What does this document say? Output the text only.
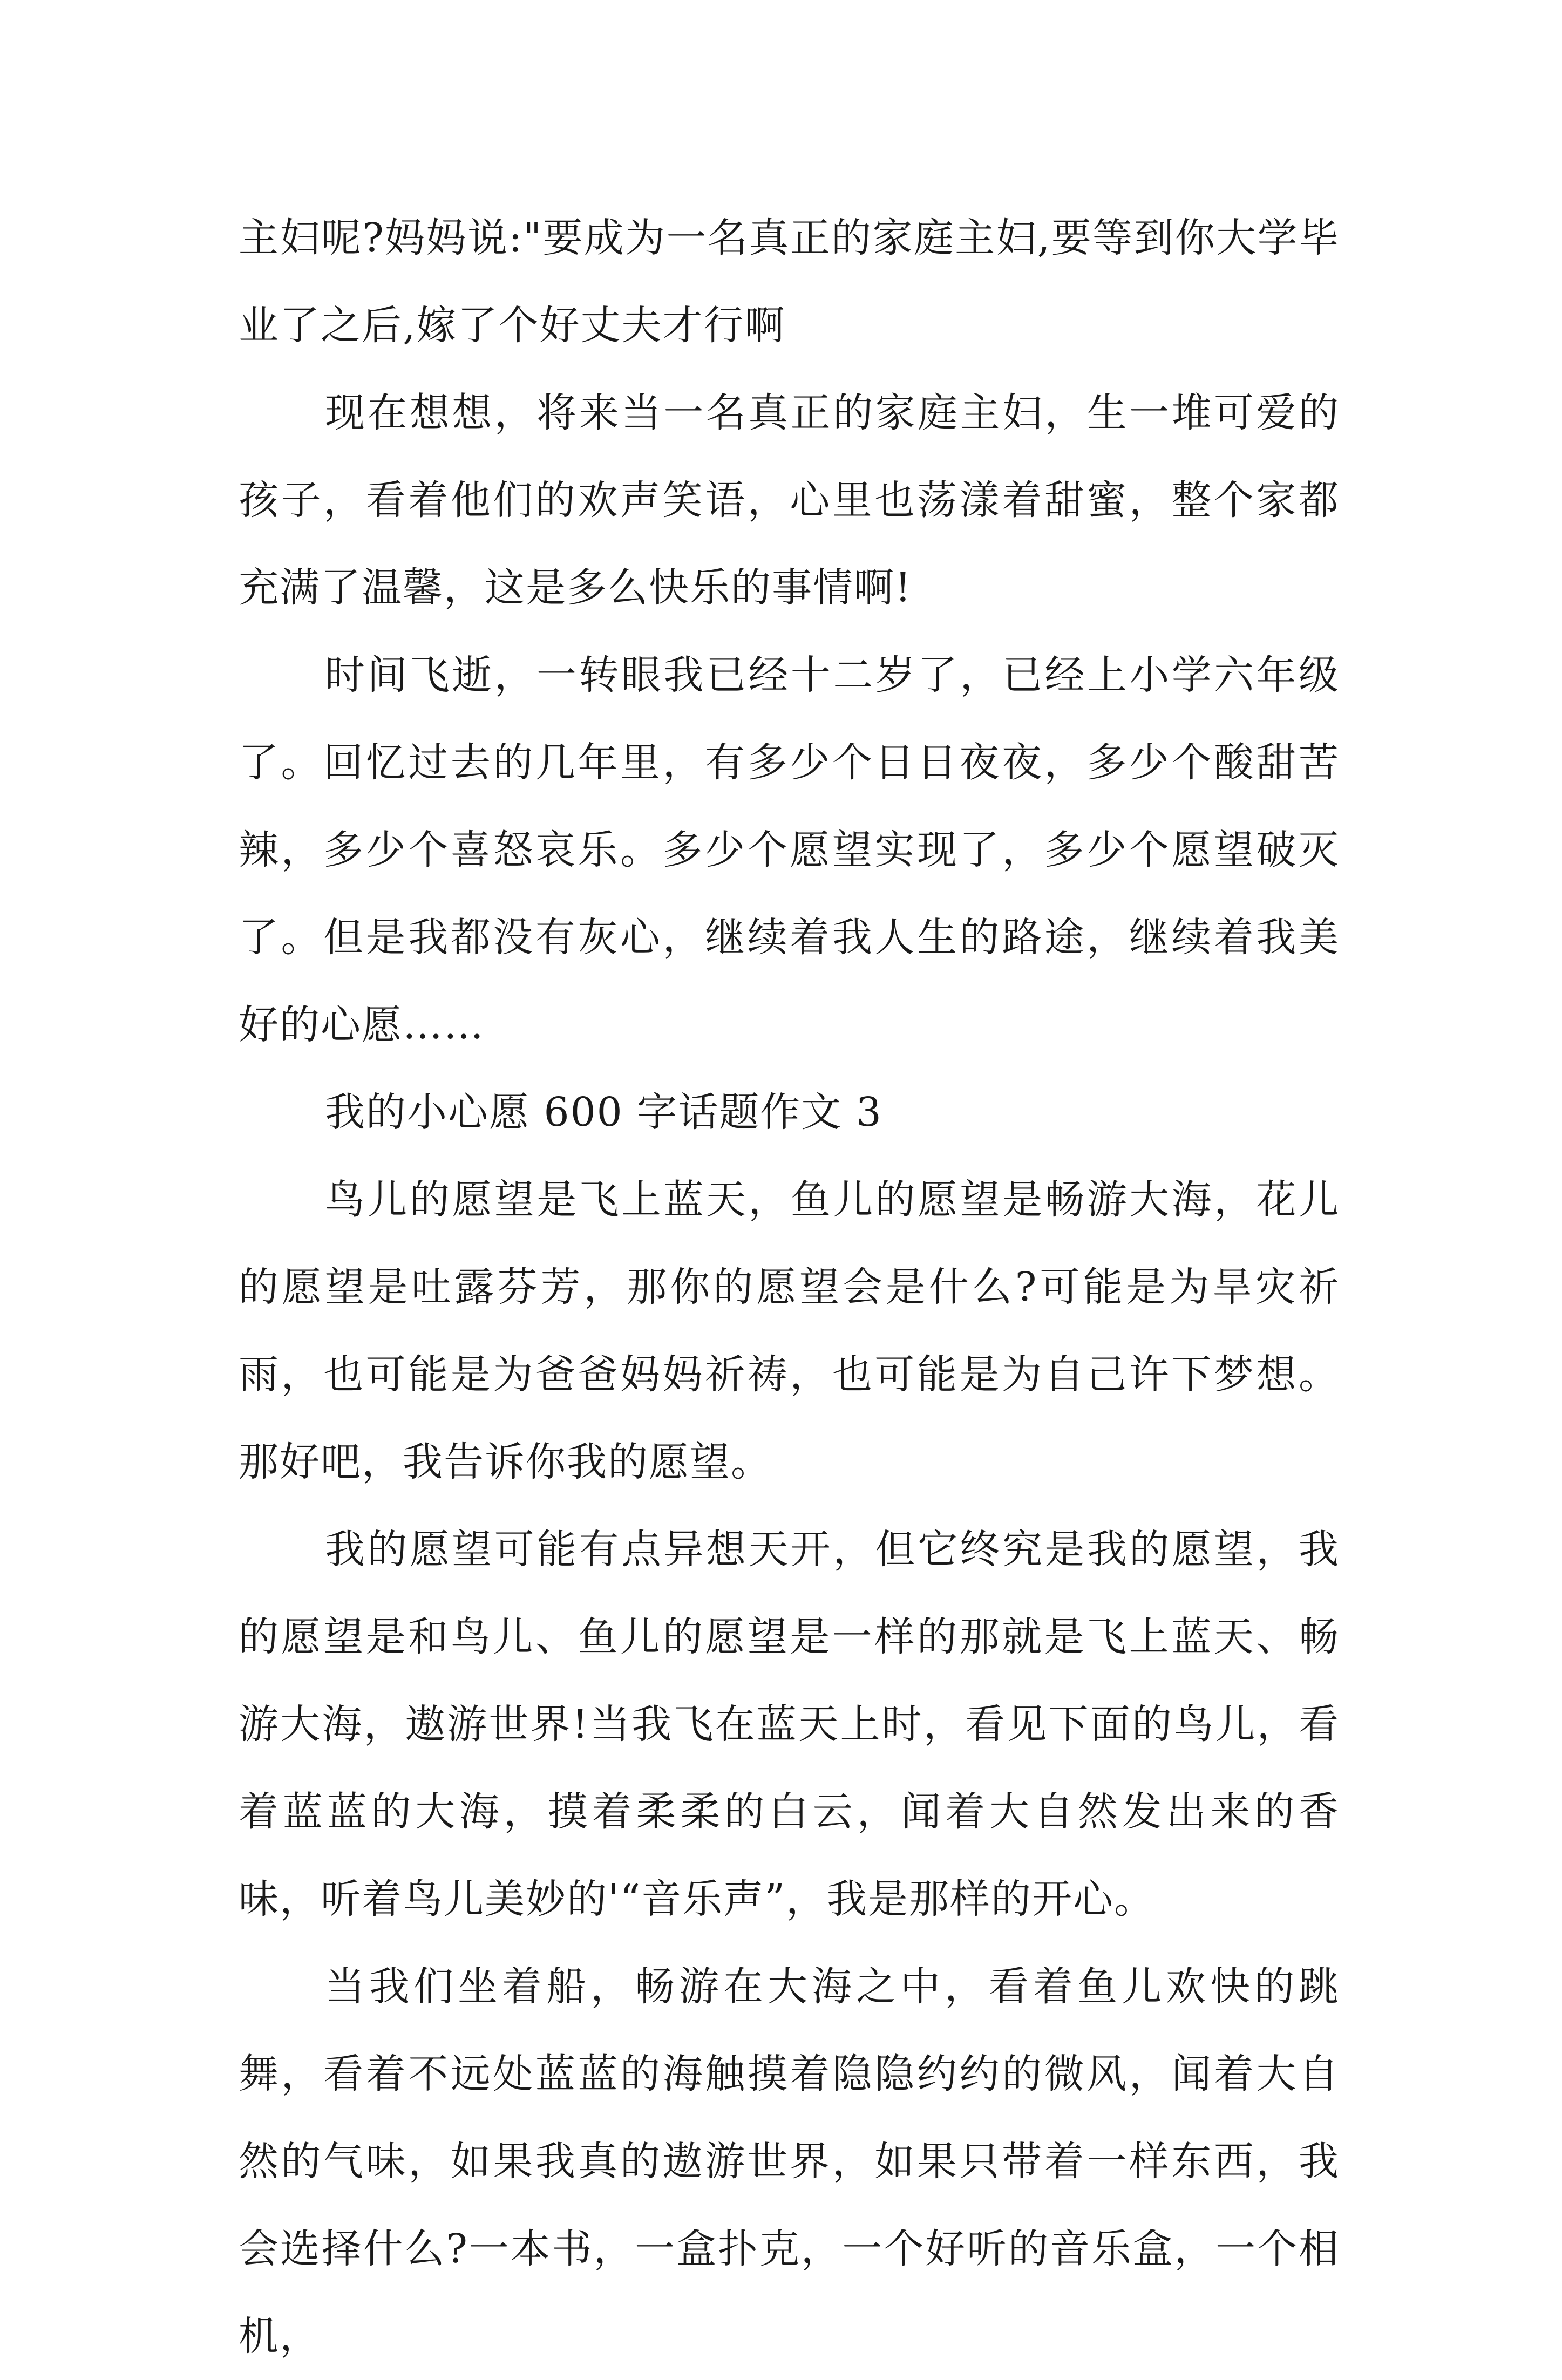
主妇呢?妈妈说:"要成为一名真正的家庭主妇,要等到你大学毕业了之后,嫁了个好丈夫才行啊

现在想想，将来当一名真正的家庭主妇，生一堆可爱的孩子，看着他们的欢声笑语，心里也荡漾着甜蜜，整个家都充满了温馨，这是多么快乐的事情啊!

时间飞逝，一转眼我已经十二岁了，已经上小学六年级了。回忆过去的几年里，有多少个日日夜夜，多少个酸甜苦辣，多少个喜怒哀乐。多少个愿望实现了，多少个愿望破灭了。但是我都没有灰心，继续着我人生的路途，继续着我美好的心愿……

我的小心愿 600 字话题作文 3

鸟儿的愿望是飞上蓝天，鱼儿的愿望是畅游大海，花儿的愿望是吐露芬芳，那你的愿望会是什么?可能是为旱灾祈雨，也可能是为爸爸妈妈祈祷，也可能是为自己许下梦想。那好吧，我告诉你我的愿望。

我的愿望可能有点异想天开，但它终究是我的愿望，我的愿望是和鸟儿、鱼儿的愿望是一样的那就是飞上蓝天、畅游大海，遨游世界!当我飞在蓝天上时，看见下面的鸟儿，看着蓝蓝的大海，摸着柔柔的白云，闻着大自然发出来的香味，听着鸟儿美妙的'“音乐声”，我是那样的开心。

当我们坐着船，畅游在大海之中，看着鱼儿欢快的跳舞，看着不远处蓝蓝的海触摸着隐隐约约的微风，闻着大自然的气味，如果我真的遨游世界，如果只带着一样东西，我会选择什么?一本书，一盒扑克，一个好听的音乐盒，一个相机，
